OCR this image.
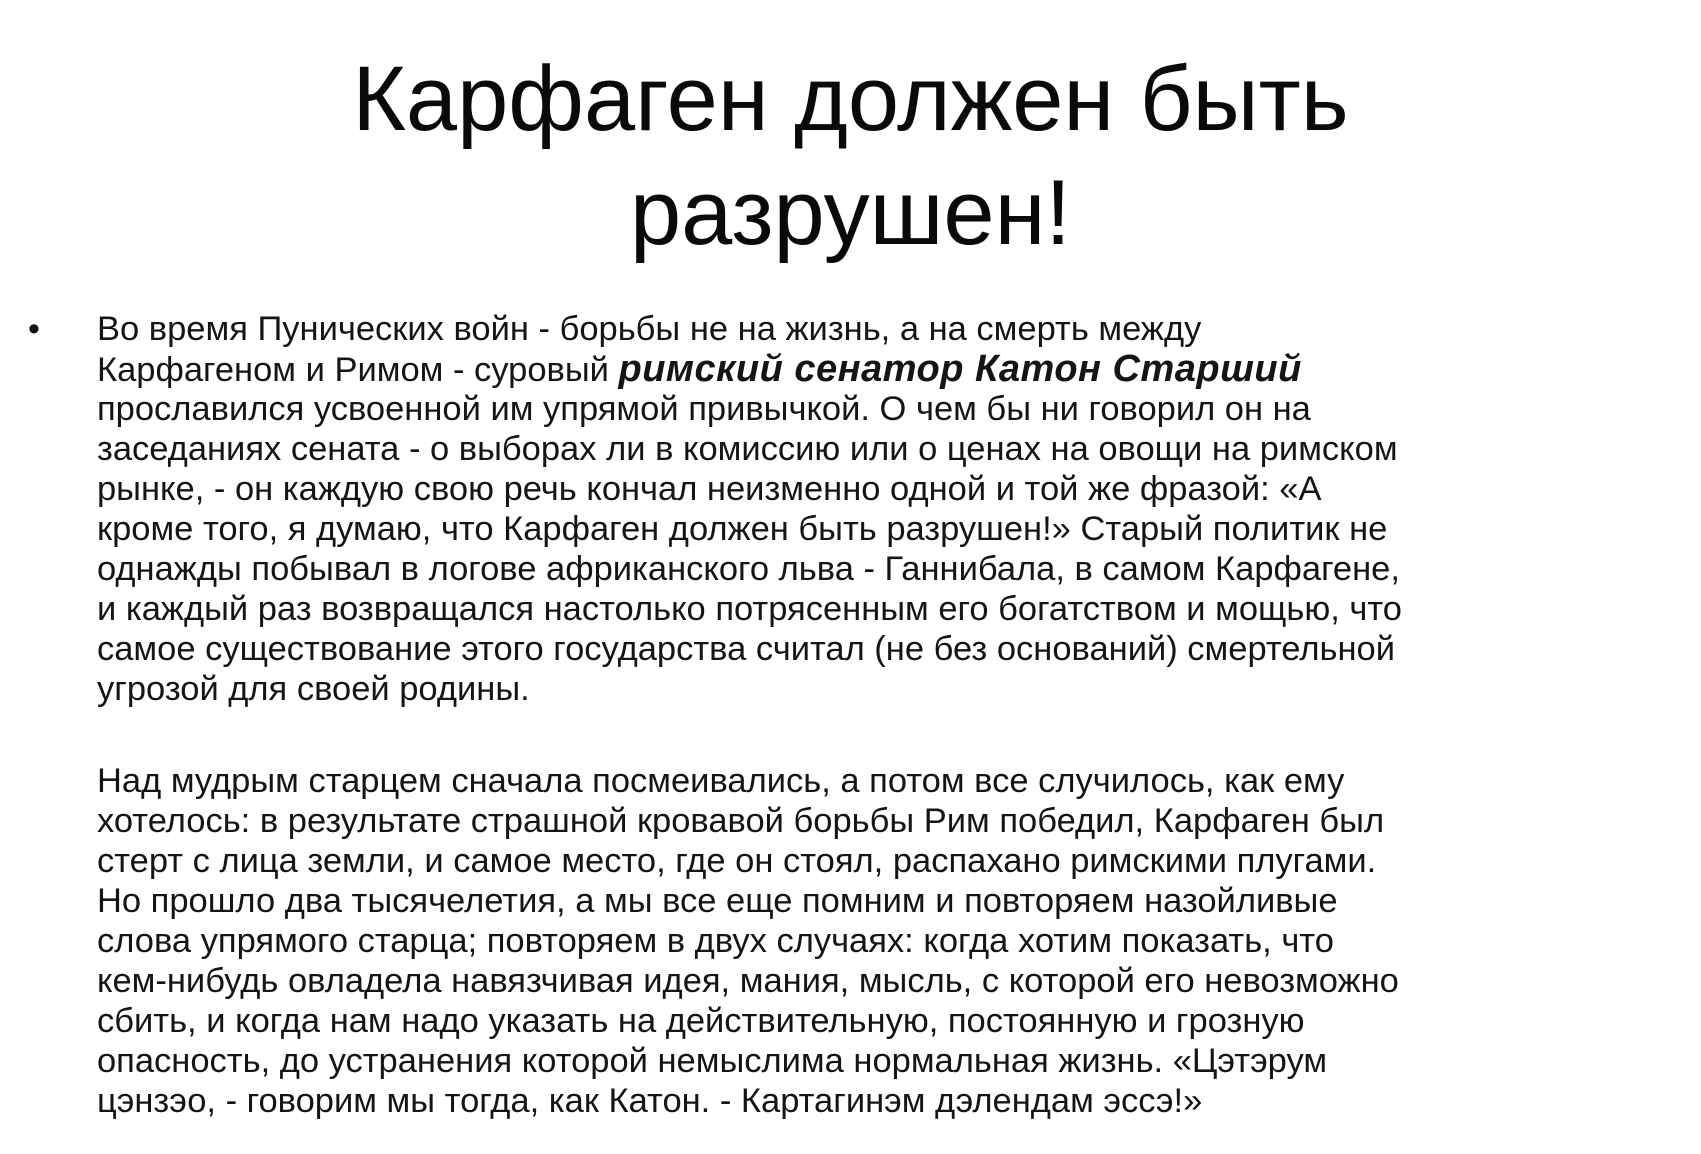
Карфаген должен быть
разрушен!
• Во время Пунических войн - борьбы не на жизнь, а на смерть между
Карфагеном и Римом - суровый римский сенатор Катон Старший
прославился усвоенной им упрямой привычкой. О чем бы ни говорил он на
заседаниях сената - о выборах ли в комиссию или о ценах на овощи на римском
рынке, - он каждую свою речь кончал неизменно одной и той же фразой: «А
кроме того, я думаю, что Карфаген должен быть разрушен!» Старый политик не
однажды побывал в логове африканского льва - Ганнибала, в самом Карфагене,
и каждый раз возвращался настолько потрясенным его богатством и мощью, что
самое существование этого государства считал (не без оснований) смертельной
угрозой для своей родины.
Над мудрым старцем сначала посмеивались, а потом все случилось, как ему
хотелось: в результате страшной кровавой борьбы Рим победил, Карфаген был
стерт с лица земли, и самое место, где он стоял, распахано римскими плугами.
Но прошло два тысячелетия, а мы все еще помним и повторяем назойливые
слова упрямого старца; повторяем в двух случаях: когда хотим показать, что
кем-нибудь овладела навязчивая идея, мания, мысль, с которой его невозможно
сбить, и когда нам надо указать на действительную, постоянную и грозную
опасность, до устранения которой немыслима нормальная жизнь. «Цэтэрум
цэнзэо, - говорим мы тогда, как Катон. - Картагинэм дэлендам эссэ!»
